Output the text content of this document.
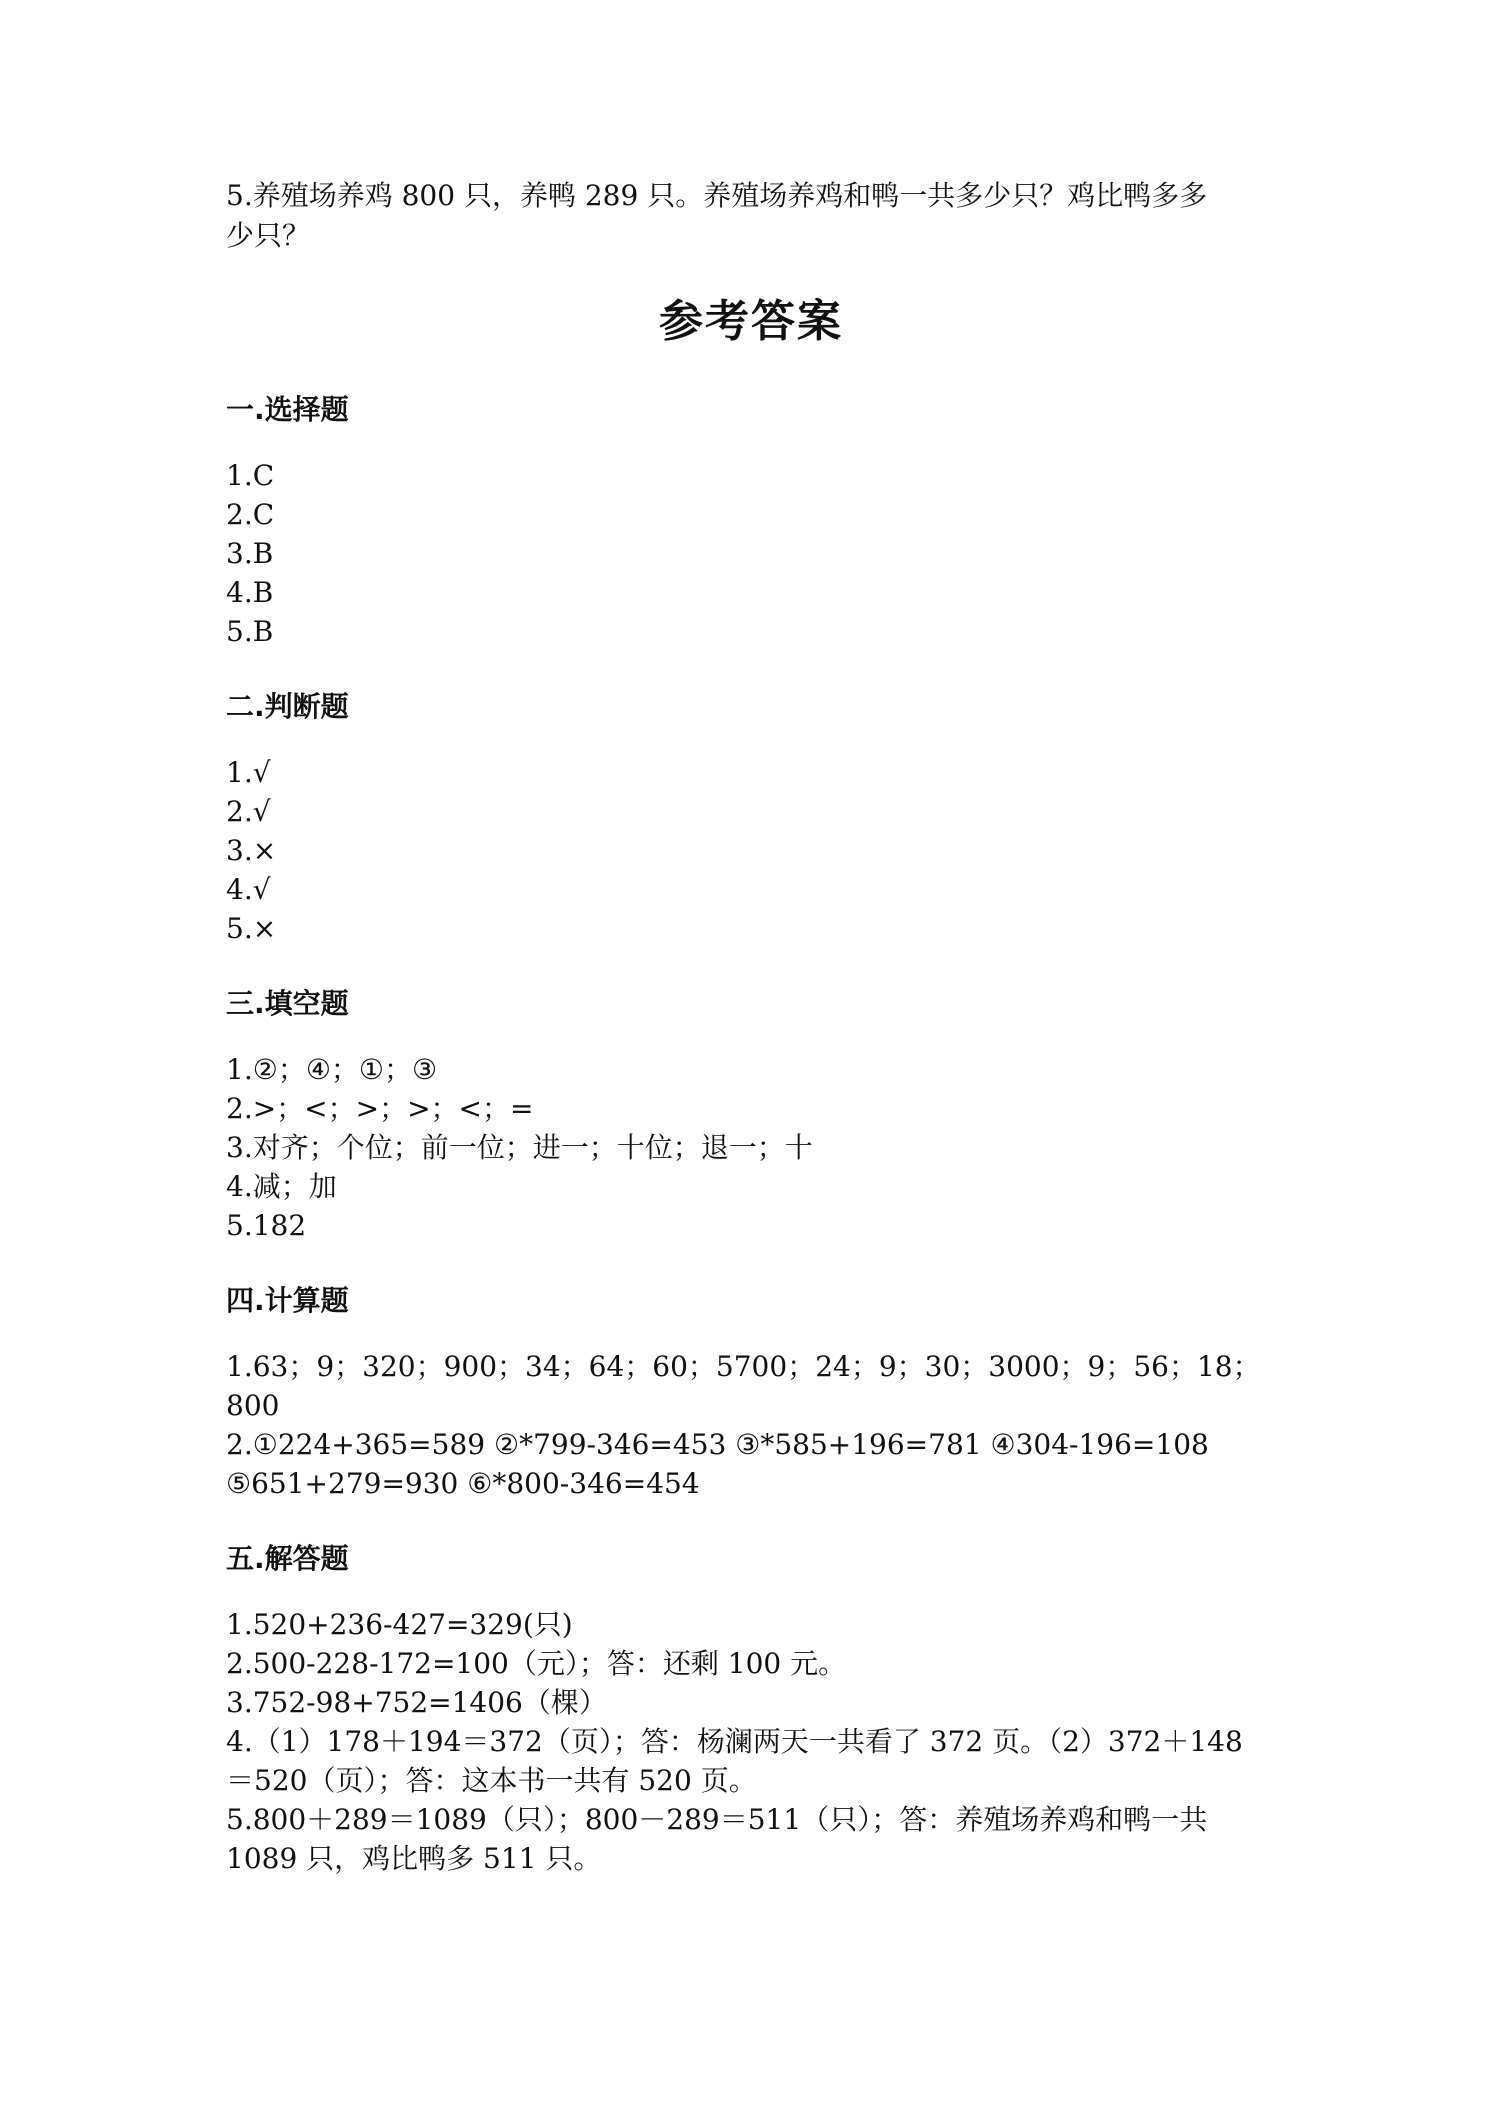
5.养殖场养鸡 800 只，养鸭 289 只。养殖场养鸡和鸭一共多少只？鸡比鸭多多

少只？

参考答案
一.选择题

1.C

2.C

3.B

4.B

5.B

二.判断题

1.√

2.√

3.×

4.√

5.×

三.填空题

1.②；④；①；③

2.>；<；>；>；<；=

3.对齐；个位；前一位；进一；十位；退一；十

4.减；加

5.182

四.计算题

1.63；9；320；900；34；64；60；5700；24；9；30；3000；9；56；18；800

2.①224+365=589 ②*799-346=453 ③*585+196=781 ④304-196=108

⑤651+279=930 ⑥*800-346=454

五.解答题

1.520+236-427=329(只)

2.500-228-172=100（元）；答：还剩 100 元。

3.752-98+752=1406（棵）

4.（1）178＋194＝372（页）；答：杨澜两天一共看了 372 页。（2）372＋148

＝520（页）；答：这本书一共有 520 页。

5.800＋289＝1089（只）；800－289＝511（只）；答：养殖场养鸡和鸭一共

1089 只，鸡比鸭多 511 只。
